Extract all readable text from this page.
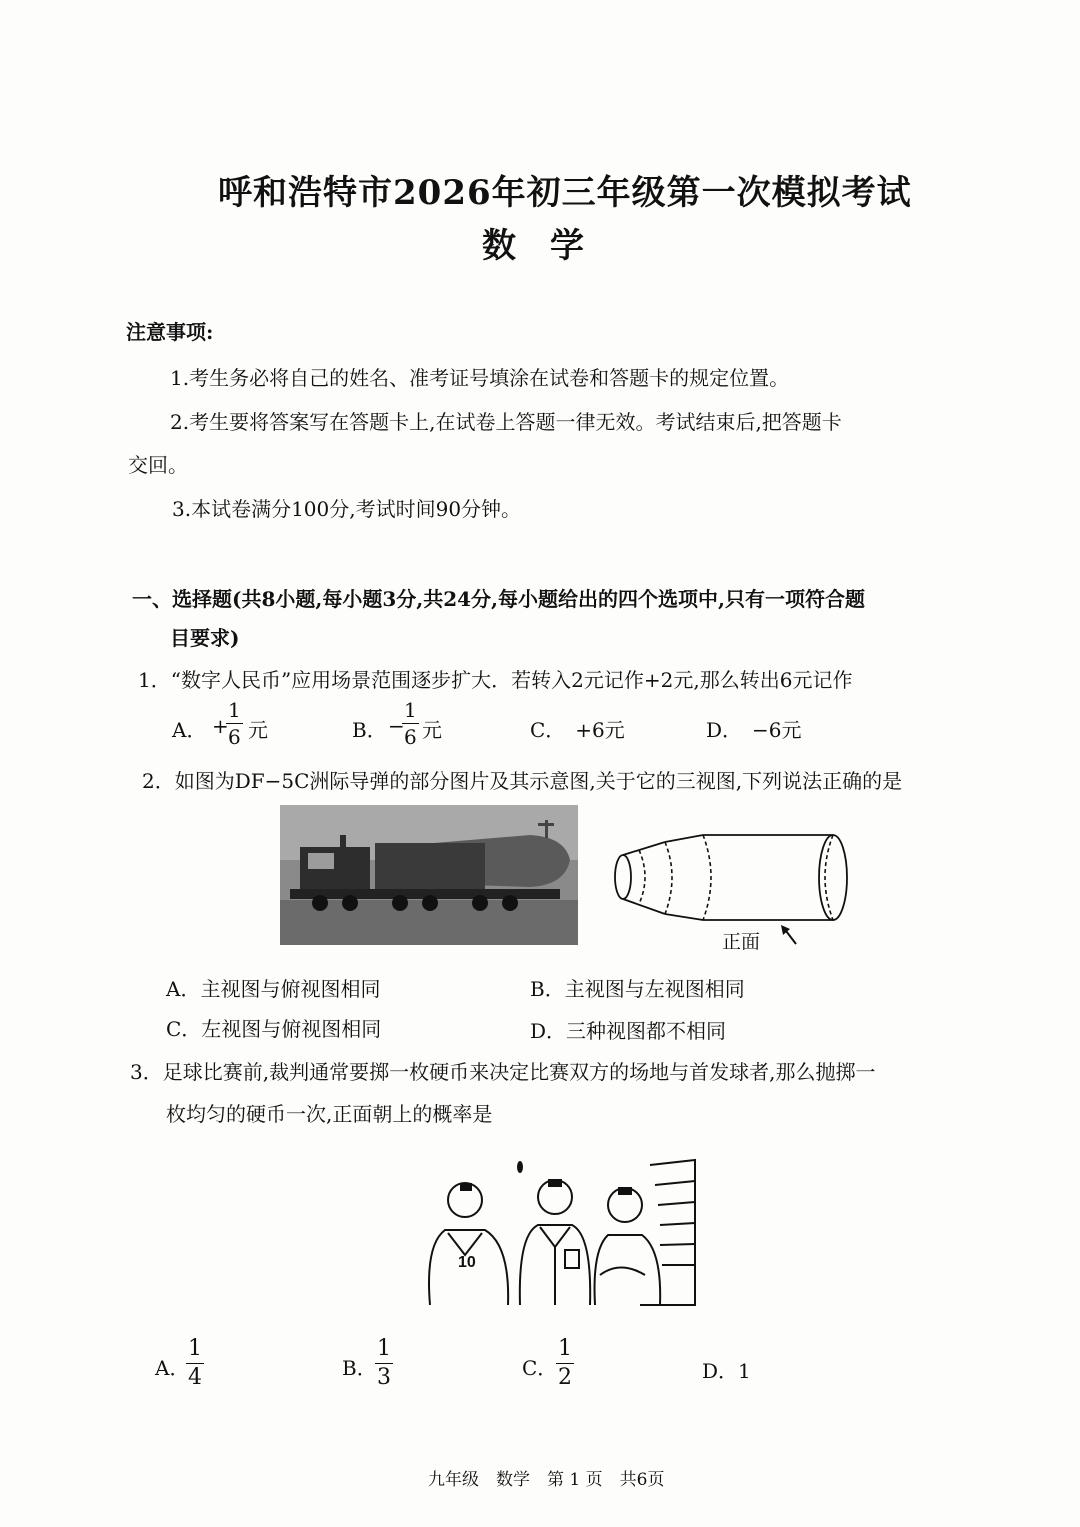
呼和浩特市2026年初三年级第一次模拟考试
数　学
注意事项:
1.考生务必将自己的姓名、准考证号填涂在试卷和答题卡的规定位置。
2.考生要将答案写在答题卡上,在试卷上答题一律无效。考试结束后,把答题卡
交回。
3.本试卷满分100分,考试时间90分钟。
一、选择题(共8小题,每小题3分,共24分,每小题给出的四个选项中,只有一项符合题
目要求)
1．“数字人民币”应用场景范围逐步扩大．若转入2元记作+2元,那么转出6元记作
A． +
$\frac{1}{6}$ 元	B． −
$\frac{1}{6}$ 元	C．　+6元	D．　−6元
2．如图为DF−5C洲际导弹的部分图片及其示意图,关于它的三视图,下列说法正确的是
正面
A．主视图与俯视图相同	B．主视图与左视图相同
C．左视图与俯视图相同	D．三种视图都不相同
3．足球比赛前,裁判通常要掷一枚硬币来决定比赛双方的场地与首发球者,那么抛掷一
枚均匀的硬币一次,正面朝上的概率是
10
A．
$\frac{1}{4}$	B．
$\frac{1}{3}$	C．
$\frac{1}{2}$	D．1
九年级　数学　第 1 页　共6页
